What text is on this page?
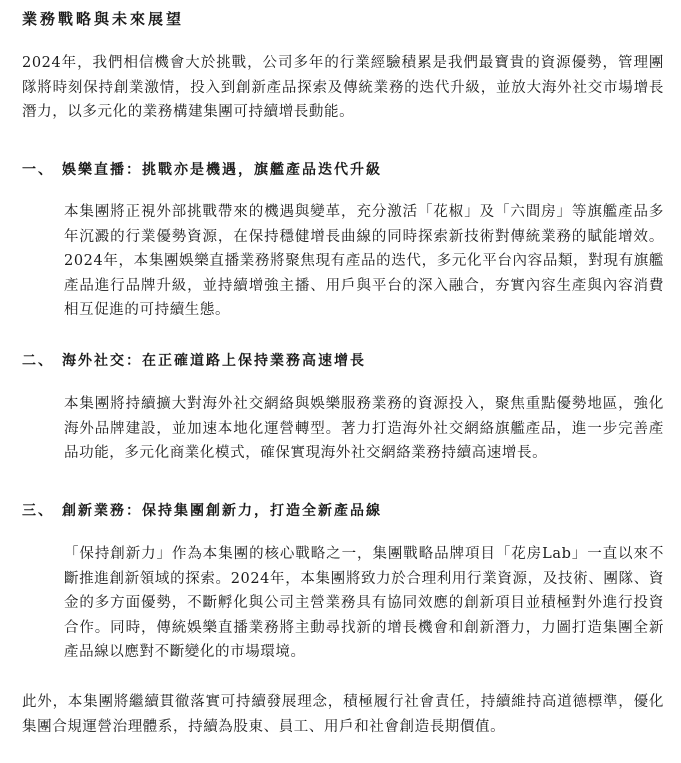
業務戰略與未來展望

2024年，我們相信機會大於挑戰，公司多年的行業經驗積累是我們最寶貴的資源優勢，管理團隊將時刻保持創業激情，投入到創新產品探索及傳統業務的迭代升級，並放大海外社交市場增長潛力，以多元化的業務構建集團可持續增長動能。

一、 娛樂直播：挑戰亦是機遇，旗艦產品迭代升級

本集團將正視外部挑戰帶來的機遇與變革，充分激活「花椒」及「六間房」等旗艦產品多年沉澱的行業優勢資源，在保持穩健增長曲線的同時探索新技術對傳統業務的賦能增效。2024年，本集團娛樂直播業務將聚焦現有產品的迭代，多元化平台內容品類，對現有旗艦產品進行品牌升級，並持續增強主播、用戶與平台的深入融合，夯實內容生產與內容消費相互促進的可持續生態。

二、 海外社交：在正確道路上保持業務高速增長

本集團將持續擴大對海外社交網絡與娛樂服務業務的資源投入，聚焦重點優勢地區，強化海外品牌建設，並加速本地化運營轉型。著力打造海外社交網絡旗艦產品，進一步完善產品功能，多元化商業化模式，確保實現海外社交網絡業務持續高速增長。

三、 創新業務：保持集團創新力，打造全新產品線

「保持創新力」作為本集團的核心戰略之一，集團戰略品牌項目「花房Lab」一直以來不斷推進創新領域的探索。2024年，本集團將致力於合理利用行業資源，及技術、團隊、資金的多方面優勢，不斷孵化與公司主營業務具有協同效應的創新項目並積極對外進行投資合作。同時，傳統娛樂直播業務將主動尋找新的增長機會和創新潛力，力圖打造集團全新產品線以應對不斷變化的市場環境。

此外，本集團將繼續貫徹落實可持續發展理念，積極履行社會責任，持續維持高道德標準，優化集團合規運營治理體系，持續為股東、員工、用戶和社會創造長期價值。
